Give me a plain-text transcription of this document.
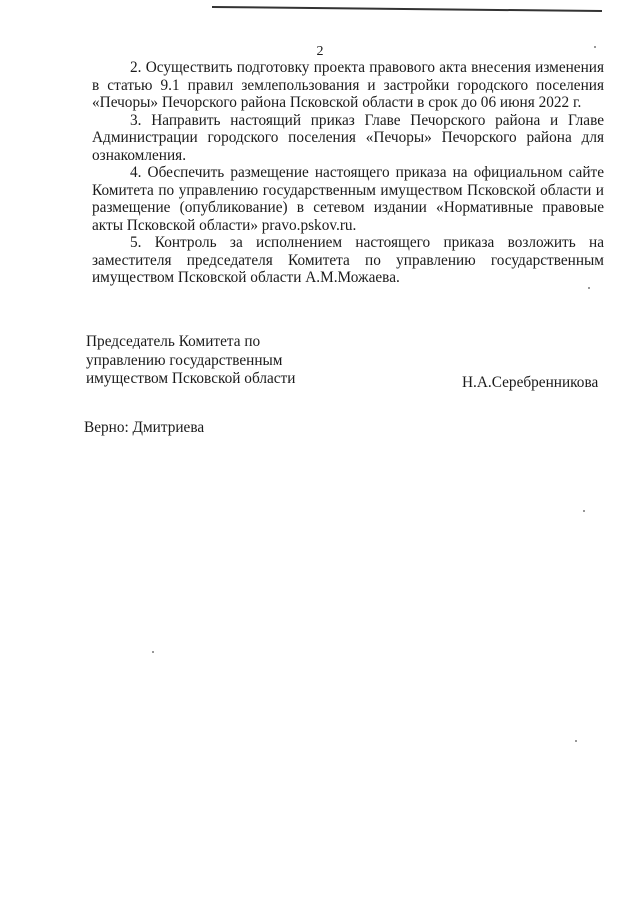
2

2. Осуществить подготовку проекта правового акта внесения изменения в статью 9.1 правил землепользования и застройки городского поселения «Печоры» Печорского района Псковской области в срок до 06 июня 2022 г.

3. Направить настоящий приказ Главе Печорского района и Главе Администрации городского поселения «Печоры» Печорского района для ознакомления.

4. Обеспечить размещение настоящего приказа на официальном сайте Комитета по управлению государственным имуществом Псковской области и размещение (опубликование) в сетевом издании «Нормативные правовые акты Псковской области» pravo.pskov.ru.

5. Контроль за исполнением настоящего приказа возложить на заместителя председателя Комитета по управлению государственным имуществом Псковской области А.М.Можаева.

Председатель Комитета по
управлению государственным
имуществом Псковской области	Н.А.Серебренникова
Верно: Дмитриева
